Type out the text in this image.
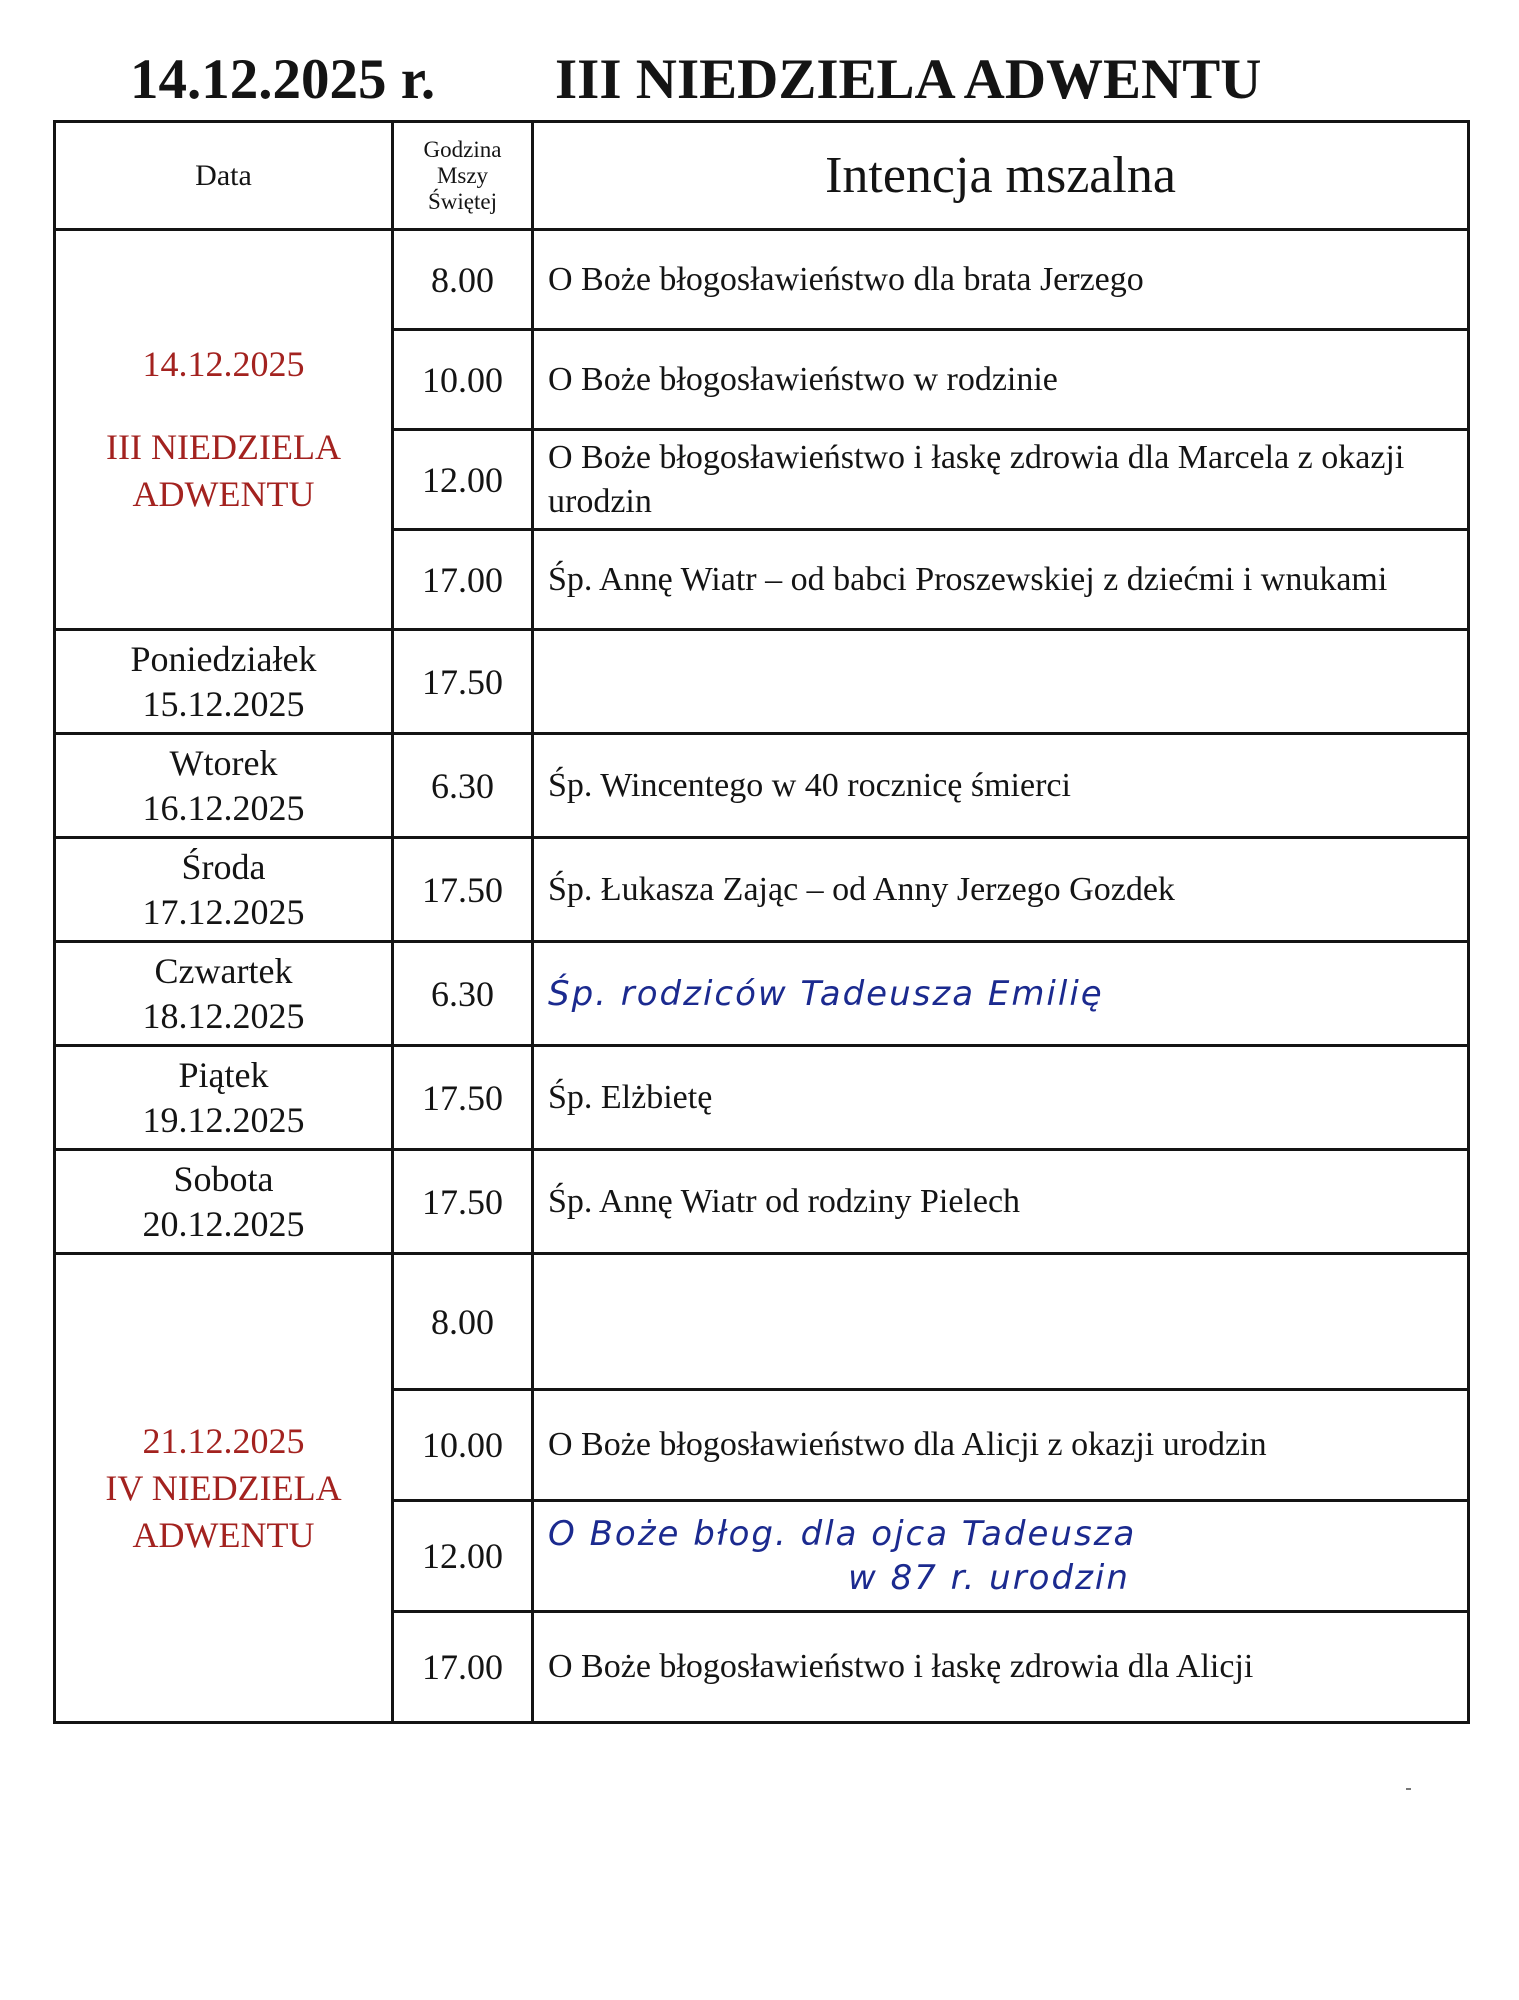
14.12.2025 r. III NIEDZIELA ADWENTU
Data	Godzina
Mszy
Świętej	Intencja mszalna

14.12.2025
III NIEDZIELA
ADWENTU	8.00	O Boże błogosławieństwo dla brata Jerzego
	10.00	O Boże błogosławieństwo w rodzinie
	12.00	O Boże błogosławieństwo i łaskę zdrowia dla Marcela z okazji urodzin
	17.00	Śp. Annę Wiatr – od babci Proszewskiej z dziećmi i wnukami

Poniedziałek
15.12.2025	17.50	

Wtorek
16.12.2025	6.30	Śp. Wincentego w 40 rocznicę śmierci

Środa
17.12.2025	17.50	Śp. Łukasza Zając – od Anny Jerzego Gozdek

Czwartek
18.12.2025	6.30	Śp. rodziców Tadeusza Emilię

Piątek
19.12.2025	17.50	Śp. Elżbietę

Sobota
20.12.2025	17.50	Śp. Annę Wiatr od rodziny Pielech

21.12.2025
IV NIEDZIELA
ADWENTU	8.00	
	10.00	O Boże błogosławieństwo dla Alicji z okazji urodzin
	12.00	O Boże błog. dla ojca Tadeusza
w 87 r. urodzin

	17.00	O Boże błogosławieństwo i łaskę zdrowia dla Alicji
